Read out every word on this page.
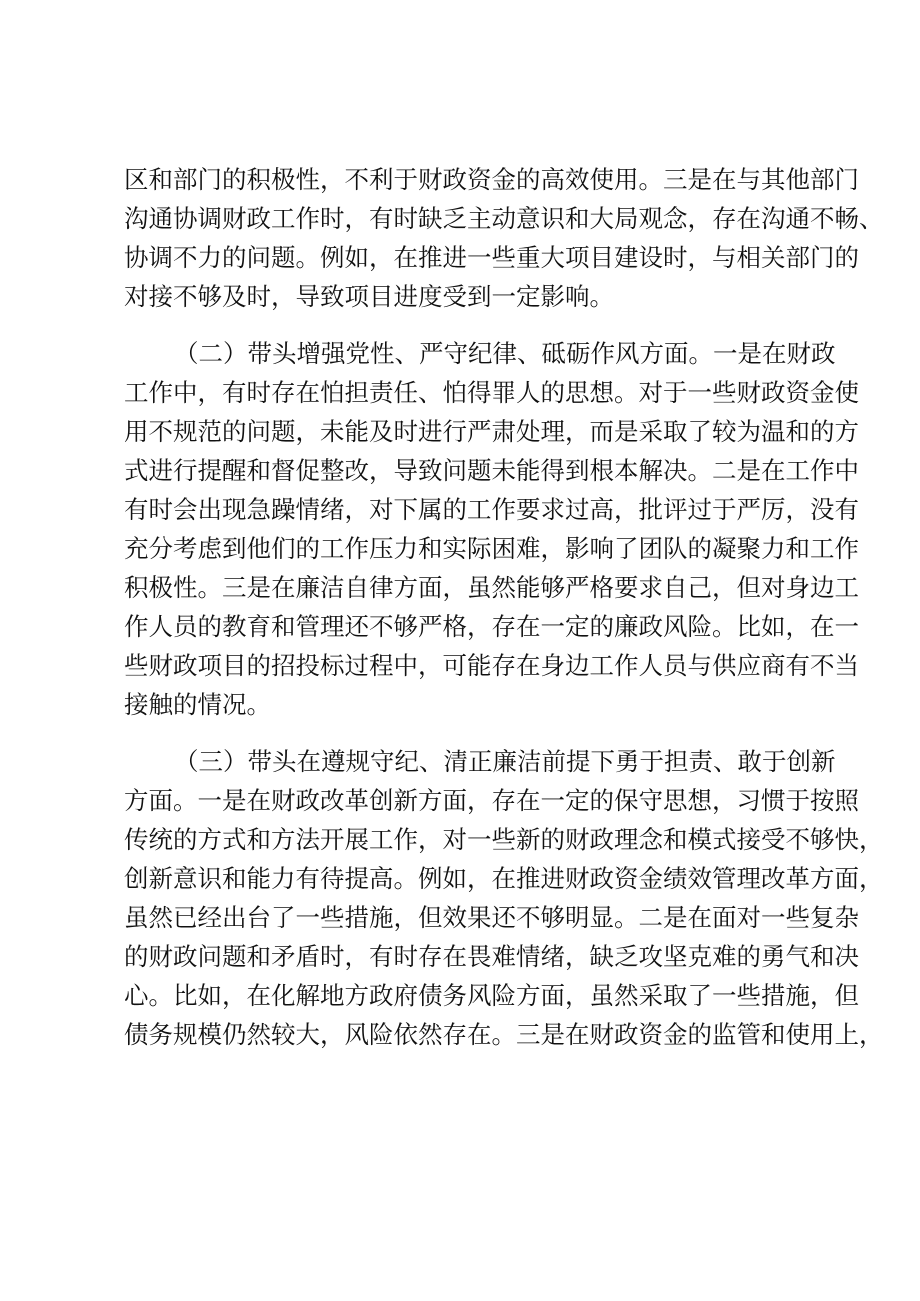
区和部门的积极性，不利于财政资金的高效使用。三是在与其他部门
沟通协调财政工作时，有时缺乏主动意识和大局观念，存在沟通不畅、
协调不力的问题。例如，在推进一些重大项目建设时，与相关部门的
对接不够及时，导致项目进度受到一定影响。
（二）带头增强党性、严守纪律、砥砺作风方面。一是在财政
工作中，有时存在怕担责任、怕得罪人的思想。对于一些财政资金使
用不规范的问题，未能及时进行严肃处理，而是采取了较为温和的方
式进行提醒和督促整改，导致问题未能得到根本解决。二是在工作中
有时会出现急躁情绪，对下属的工作要求过高，批评过于严厉，没有
充分考虑到他们的工作压力和实际困难，影响了团队的凝聚力和工作
积极性。三是在廉洁自律方面，虽然能够严格要求自己，但对身边工
作人员的教育和管理还不够严格，存在一定的廉政风险。比如，在一
些财政项目的招投标过程中，可能存在身边工作人员与供应商有不当
接触的情况。
（三）带头在遵规守纪、清正廉洁前提下勇于担责、敢于创新
方面。一是在财政改革创新方面，存在一定的保守思想，习惯于按照
传统的方式和方法开展工作，对一些新的财政理念和模式接受不够快，
创新意识和能力有待提高。例如，在推进财政资金绩效管理改革方面，
虽然已经出台了一些措施，但效果还不够明显。二是在面对一些复杂
的财政问题和矛盾时，有时存在畏难情绪，缺乏攻坚克难的勇气和决
心。比如，在化解地方政府债务风险方面，虽然采取了一些措施，但
债务规模仍然较大，风险依然存在。三是在财政资金的监管和使用上，
